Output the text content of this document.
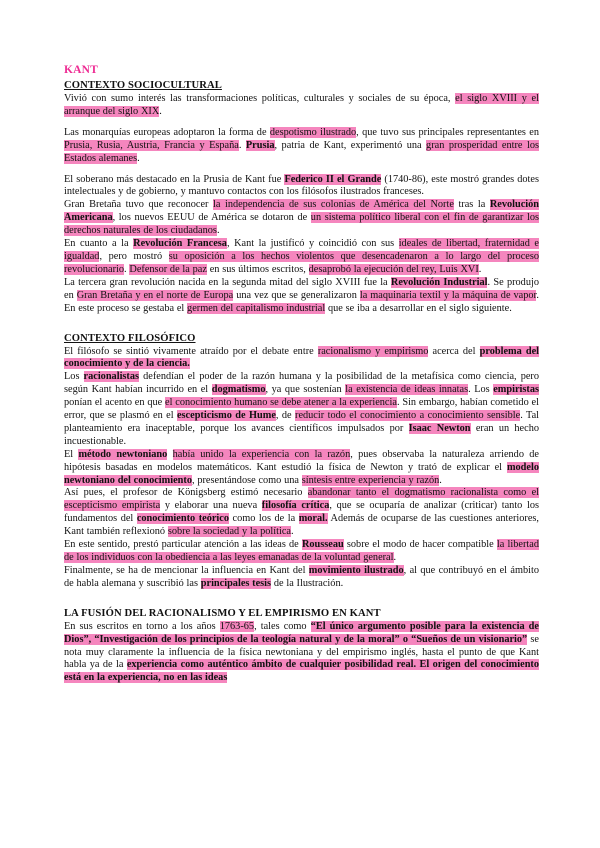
KANT
CONTEXTO SOCIOCULTURAL

Vivió con sumo interés las transformaciones políticas, culturales y sociales de su época, el siglo XVIII y el arranque del siglo XIX.

Las monarquías europeas adoptaron la forma de despotismo ilustrado, que tuvo sus principales representantes en Prusia, Rusia, Austria, Francia y España. Prusia, patria de Kant, experimentó una gran prosperidad entre los Estados alemanes.

El soberano más destacado en la Prusia de Kant fue Federico II el Grande (1740-86), este mostró grandes dotes intelectuales y de gobierno, y mantuvo contactos con los filósofos ilustrados franceses.

Gran Bretaña tuvo que reconocer la independencia de sus colonias de América del Norte tras la Revolución Americana, los nuevos EEUU de América se dotaron de un sistema político liberal con el fin de garantizar los derechos naturales de los ciudadanos.

En cuanto a la Revolución Francesa, Kant la justificó y coincidió con sus ideales de libertad, fraternidad e igualdad, pero mostró su oposición a los hechos violentos que desencadenaron a lo largo del proceso revolucionario. Defensor de la paz en sus últimos escritos, desaprobó la ejecución del rey, Luis XVI.

La tercera gran revolución nacida en la segunda mitad del siglo XVIII fue la Revolución Industrial. Se produjo en Gran Bretaña y en el norte de Europa una vez que se generalizaron la maquinaria textil y la máquina de vapor. En este proceso se gestaba el germen del capitalismo industrial que se iba a desarrollar en el siglo siguiente.

CONTEXTO FILOSÓFICO

El filósofo se sintió vivamente atraído por el debate entre racionalismo y empirismo acerca del problema del conocimiento y de la ciencia.

Los racionalistas defendían el poder de la razón humana y la posibilidad de la metafísica como ciencia, pero según Kant habían incurrido en el dogmatismo, ya que sostenían la existencia de ideas innatas. Los empiristas ponían el acento en que el conocimiento humano se debe atener a la experiencia. Sin embargo, habían cometido el error, que se plasmó en el escepticismo de Hume, de reducir todo el conocimiento a conocimiento sensible. Tal planteamiento era inaceptable, porque los avances científicos impulsados por Isaac Newton eran un hecho incuestionable.

El método newtoniano había unido la experiencia con la razón, pues observaba la naturaleza arriendo de hipótesis basadas en modelos matemáticos. Kant estudió la física de Newton y trató de explicar el modelo newtoniano del conocimiento, presentándose como una síntesis entre experiencia y razón.

Así pues, el profesor de Königsberg estimó necesario abandonar tanto el dogmatismo racionalista como el escepticismo empirista y elaborar una nueva filosofía crítica, que se ocuparía de analizar (criticar) tanto los fundamentos del conocimiento teórico como los de la moral. Además de ocuparse de las cuestiones anteriores, Kant también reflexionó sobre la sociedad y la política.

En este sentido, prestó particular atención a las ideas de Rousseau sobre el modo de hacer compatible la libertad de los individuos con la obediencia a las leyes emanadas de la voluntad general.

Finalmente, se ha de mencionar la influencia en Kant del movimiento ilustrado, al que contribuyó en el ámbito de habla alemana y suscribió las principales tesis de la Ilustración.

LA FUSIÓN DEL RACIONALISMO Y EL EMPIRISMO EN KANT

En sus escritos en torno a los años 1763-65, tales como “El único argumento posible para la existencia de Dios”, “Investigación de los principios de la teología natural y de la moral” o “Sueños de un visionario” se nota muy claramente la influencia de la física newtoniana y del empirismo inglés, hasta el punto de que Kant habla ya de la experiencia como auténtico ámbito de cualquier posibilidad real. El origen del conocimiento está en la experiencia, no en las ideas
